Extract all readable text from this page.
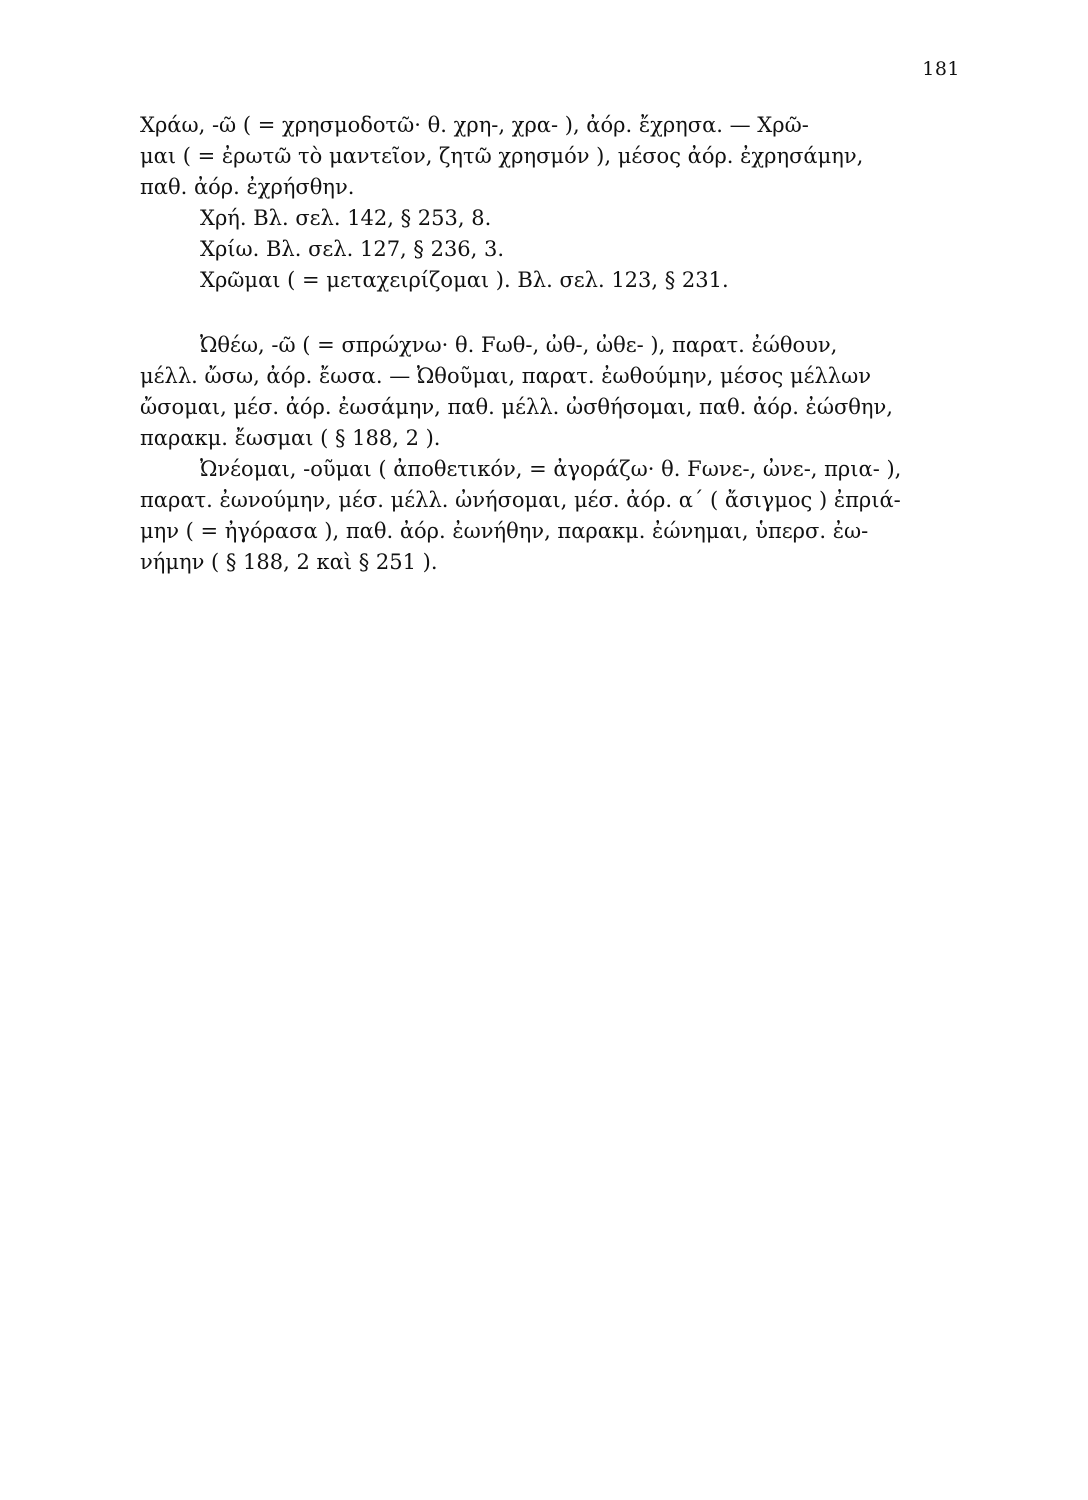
181
Χράω, -ῶ ( = χρησμοδοτῶ· θ. χρη-, χρα- ), ἀόρ. ἔχρησα. — Χρῶ-
μαι ( = ἐρωτῶ τὸ μαντεῖον, ζητῶ χρησμόν ), μέσος ἀόρ. ἐχρησάμην,
παθ. ἀόρ. ἐχρήσθην.
Χρή. Βλ. σελ. 142, § 253, 8.
Χρίω. Βλ. σελ. 127, § 236, 3.
Χρῶμαι ( = μεταχειρίζομαι ). Βλ. σελ. 123, § 231.
Ὠθέω, -ῶ ( = σπρώχνω· θ. Fωθ-, ὠθ-, ὠθε- ), παρατ. ἐώθουν,
μέλλ. ὤσω, ἀόρ. ἔωσα. — Ὠθοῦμαι, παρατ. ἐωθούμην, μέσος μέλλων
ὤσομαι, μέσ. ἀόρ. ἐωσάμην, παθ. μέλλ. ὠσθήσομαι, παθ. ἀόρ. ἐώσθην,
παρακμ. ἔωσμαι ( § 188, 2 ).
Ὠνέομαι, -οῦμαι ( ἀποθετικόν, = ἀγοράζω· θ. Fωνε-, ὠνε-, πρια- ),
παρατ. ἐωνούμην, μέσ. μέλλ. ὠνήσομαι, μέσ. ἀόρ. α΄ ( ἄσιγμος ) ἐπριά-
μην ( = ἠγόρασα ), παθ. ἀόρ. ἐωνήθην, παρακμ. ἐώνημαι, ὑπερσ. ἐω-
νήμην ( § 188, 2 καὶ § 251 ).
